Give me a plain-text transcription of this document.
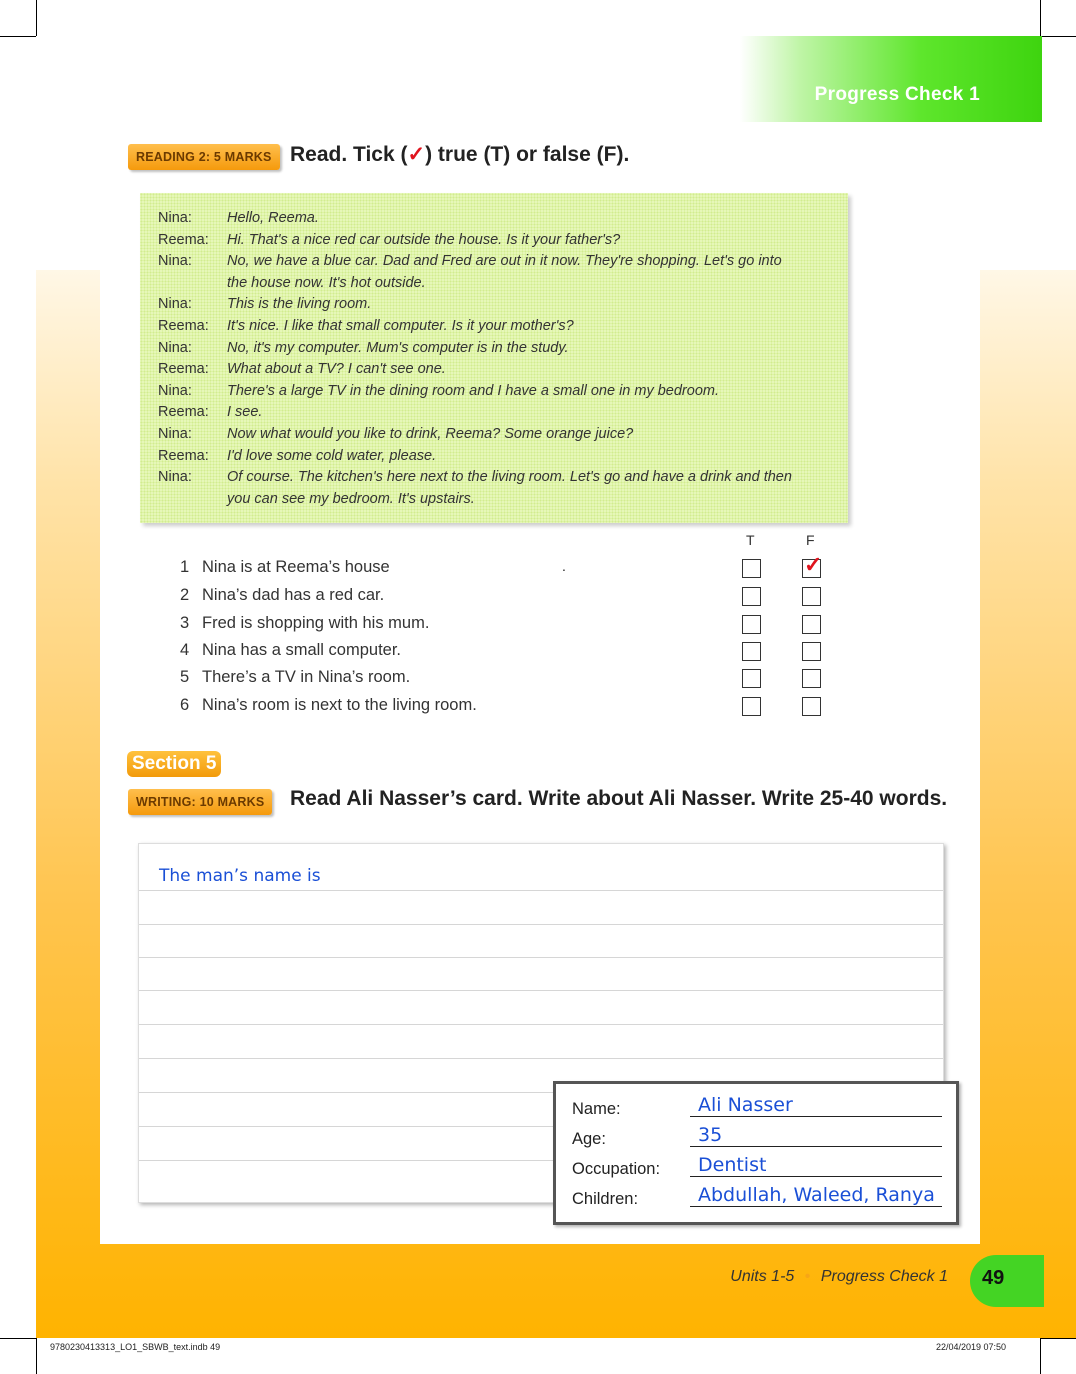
Progress Check 1
READING 2: 5 MARKS Read. Tick (✓) true (T) or false (F).
Nina:	Hello, Reema.
Reema:	Hi. That's a nice red car outside the house. Is it your father's?
Nina:	No, we have a blue car. Dad and Fred are out in it now. They're shopping. Let's go into
the house now. It's hot outside.
Nina:	This is the living room.
Reema:	It's nice. I like that small computer. Is it your mother's?
Nina:	No, it's my computer. Mum's computer is in the study.
Reema:	What about a TV? I can't see one.
Nina:	There's a large TV in the dining room and I have a small one in my bedroom.
Reema:	I see.
Nina:	Now what would you like to drink, Reema? Some orange juice?
Reema:	I'd love some cold water, please.
Nina:	Of course. The kitchen's here next to the living room. Let's go and have a drink and then
you can see my bedroom. It's upstairs.
T	F
1 Nina is at Reema’s house	.	✓
2 Nina’s dad has a red car.
3 Fred is shopping with his mum.
4 Nina has a small computer.
5 There’s a TV in Nina’s room.
6 Nina’s room is next to the living room.
Section 5
WRITING: 10 MARKS	Read Ali Nasser’s card. Write about Ali Nasser. Write 25-40 words.
The man’s name is
Name:	Ali Nasser
Age:	35
Occupation:	Dentist
Children:	Abdullah, Waleed, Ranya
Units 1-5 • Progress Check 1 49
9780230413313_LO1_SBWB_text.indb 49	22/04/2019 07:50
